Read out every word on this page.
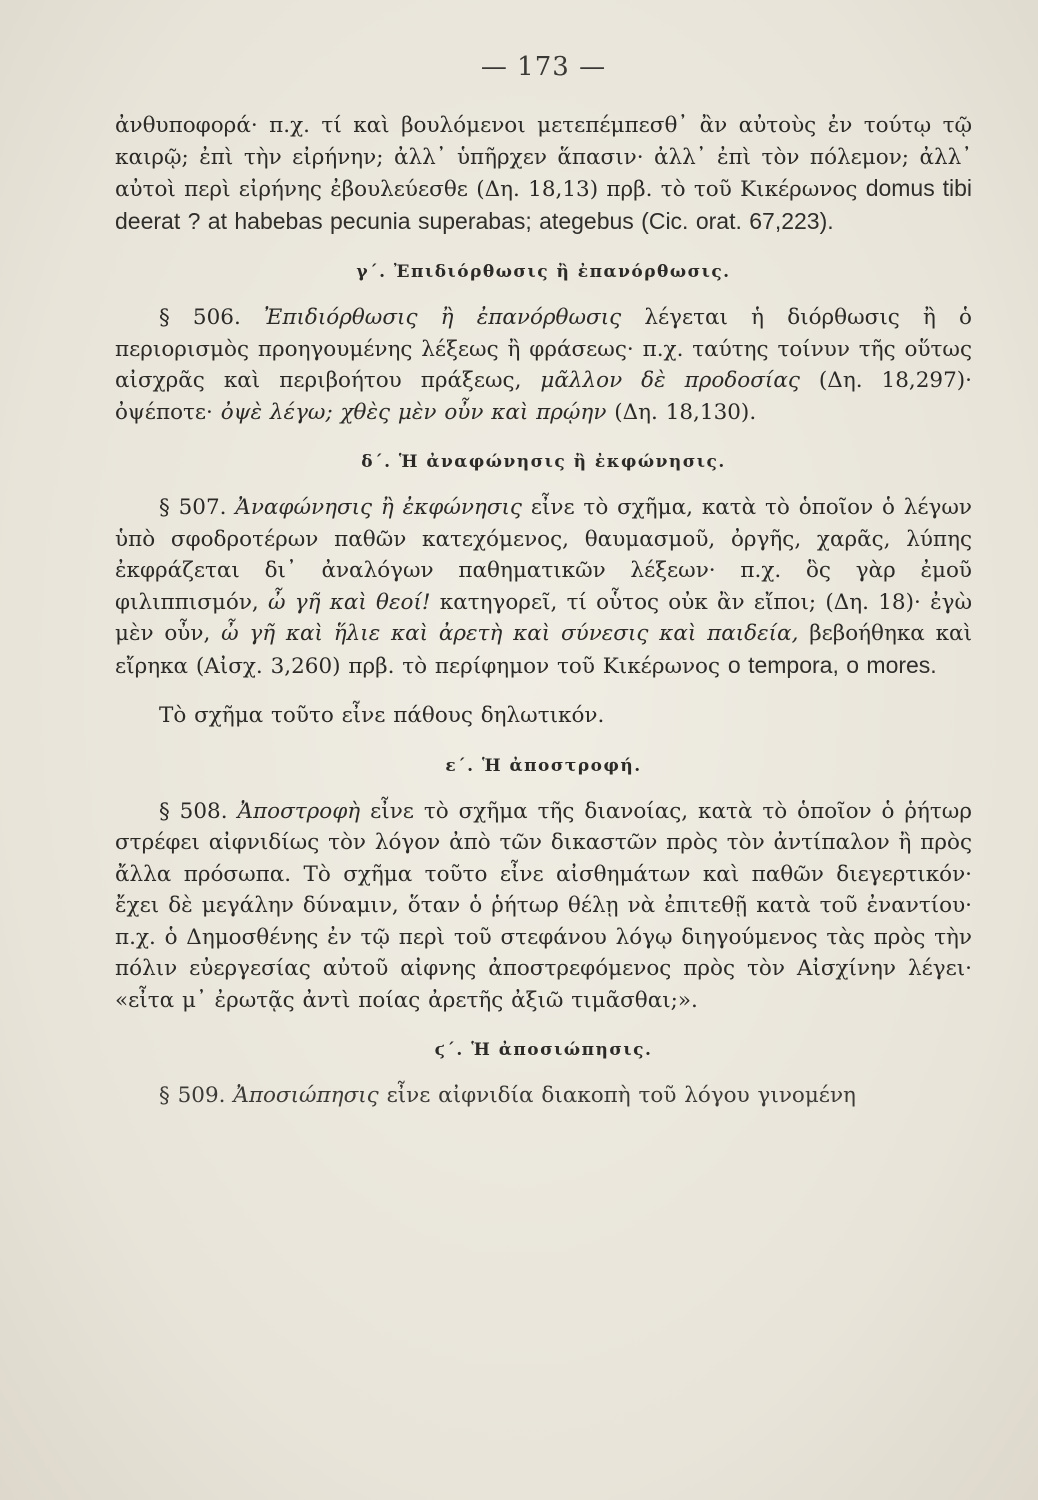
— 173 —

ἀνθυποφορά· π.χ. τί καὶ βουλόμενοι μετεπέμπεσθ᾽ ἂν αὐτοὺς ἐν τούτῳ τῷ καιρῷ; ἐπὶ τὴν εἰρήνην; ἀλλ᾽ ὑπῆρχεν ἅπασιν· ἀλλ᾽ ἐπὶ τὸν πόλεμον; ἀλλ᾽ αὐτοὶ περὶ εἰρήνης ἐβουλεύεσθε (Δη. 18,13) πρβ. τὸ τοῦ Κικέρωνος domus tibi deerat ? at habebas pecunia superabas; ategebus (Cic. orat. 67,223).

γ΄. Ἐπιδιόρθωσις ἢ ἐπανόρθωσις.

§ 506. Ἐπιδιόρθωσις ἢ ἐπανόρθωσις λέγεται ἡ διόρθωσις ἢ ὁ περιορισμὸς προηγουμένης λέξεως ἢ φράσεως· π.χ. ταύτης τοίνυν τῆς οὕτως αἰσχρᾶς καὶ περιβοήτου πράξεως, μᾶλλον δὲ προδοσίας (Δη. 18,297)· ὀψέποτε· ὀψὲ λέγω; χθὲς μὲν οὖν καὶ πρῴην (Δη. 18,130).

δ΄. Ἡ ἀναφώνησις ἢ ἐκφώνησις.

§ 507. Ἀναφώνησις ἢ ἐκφώνησις εἶνε τὸ σχῆμα, κατὰ τὸ ὁποῖον ὁ λέγων ὑπὸ σφοδροτέρων παθῶν κατεχόμενος, θαυμασμοῦ, ὀργῆς, χαρᾶς, λύπης ἐκφράζεται δι᾽ ἀναλόγων παθηματικῶν λέξεων· π.χ. ὃς γὰρ ἐμοῦ φιλιππισμόν, ὦ γῆ καὶ θεοί! κατηγορεῖ, τί οὗτος οὐκ ἂν εἴποι; (Δη. 18)· ἐγὼ μὲν οὖν, ὦ γῆ καὶ ἥλιε καὶ ἀρετὴ καὶ σύνεσις καὶ παιδεία, βεβοήθηκα καὶ εἴρηκα (Αἰσχ. 3,260) πρβ. τὸ περίφημον τοῦ Κικέρωνος o tempora, o mores.

Τὸ σχῆμα τοῦτο εἶνε πάθους δηλωτικόν.

ε΄. Ἡ ἀποστροφή.

§ 508. Ἀποστροφὴ εἶνε τὸ σχῆμα τῆς διανοίας, κατὰ τὸ ὁποῖον ὁ ῥήτωρ στρέφει αἰφνιδίως τὸν λόγον ἀπὸ τῶν δικαστῶν πρὸς τὸν ἀντίπαλον ἢ πρὸς ἄλλα πρόσωπα. Τὸ σχῆμα τοῦτο εἶνε αἰσθημάτων καὶ παθῶν διεγερτικόν· ἔχει δὲ μεγάλην δύναμιν, ὅταν ὁ ῥήτωρ θέλῃ νὰ ἐπιτεθῇ κατὰ τοῦ ἐναντίου· π.χ. ὁ Δημοσθένης ἐν τῷ περὶ τοῦ στεφάνου λόγῳ διηγούμενος τὰς πρὸς τὴν πόλιν εὐεργεσίας αὐτοῦ αἰφνης ἀποστρεφόμενος πρὸς τὸν Αἰσχίνην λέγει· «εἶτα μ᾽ ἐρωτᾷς ἀντὶ ποίας ἀρετῆς ἀξιῶ τιμᾶσθαι;».

ϛ΄. Ἡ ἀποσιώπησις.

§ 509. Ἀποσιώπησις εἶνε αἰφνιδία διακοπὴ τοῦ λόγου γινομένη
